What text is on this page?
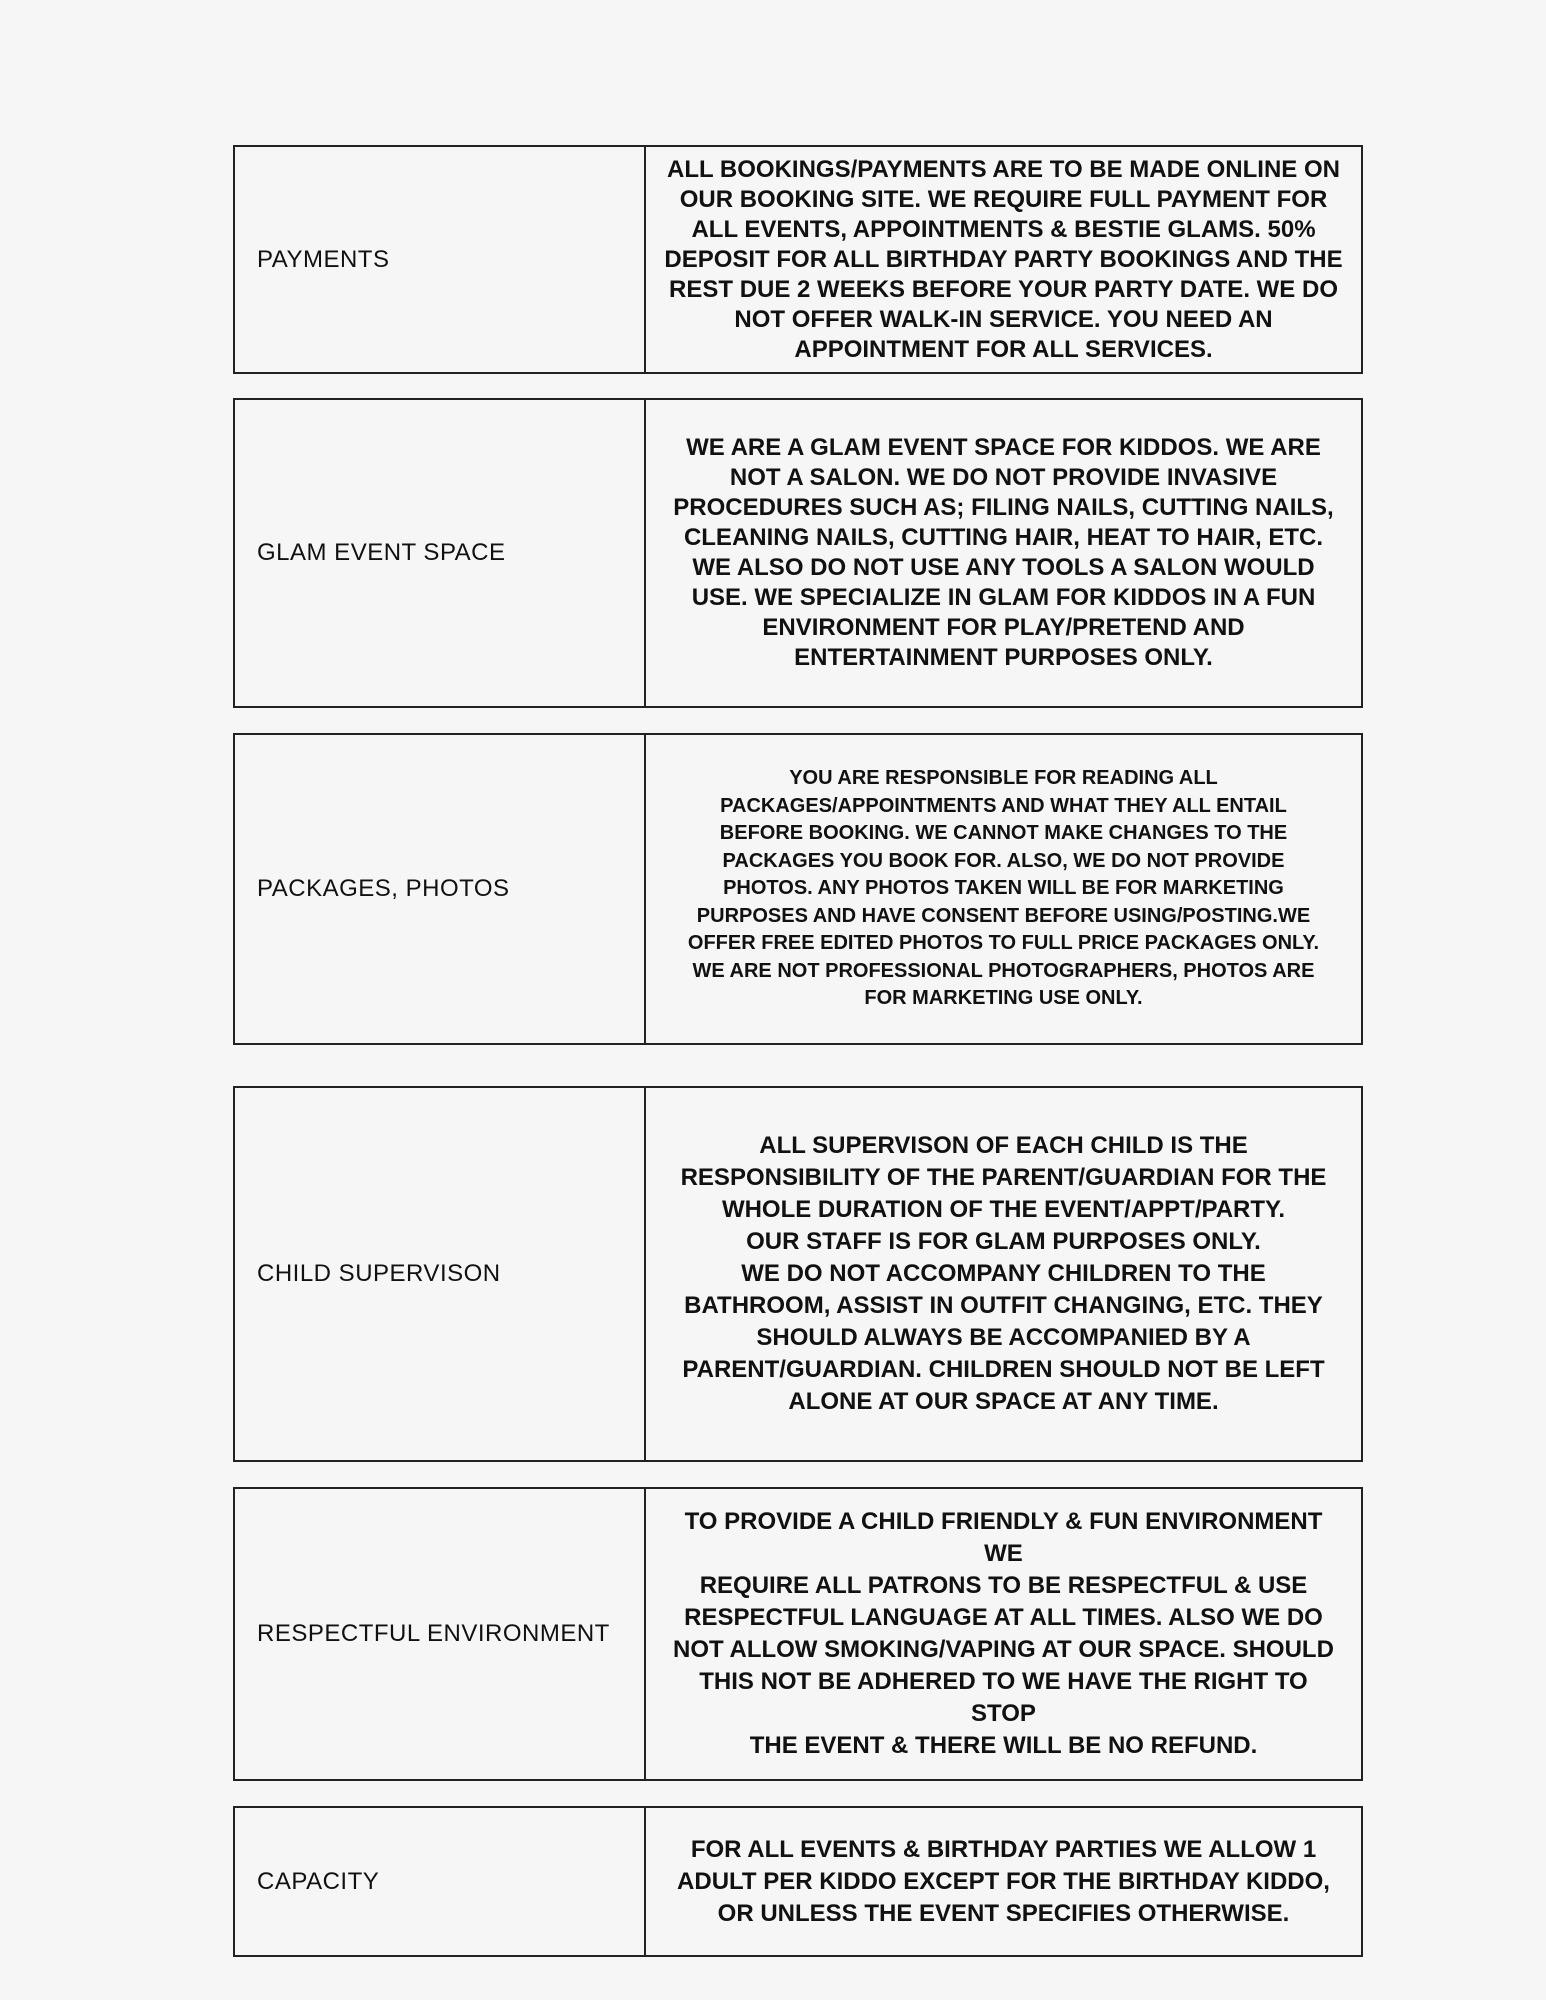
PAYMENTS
ALL BOOKINGS/PAYMENTS ARE TO BE MADE ONLINE ON
OUR BOOKING SITE. WE REQUIRE FULL PAYMENT FOR
ALL EVENTS, APPOINTMENTS & BESTIE GLAMS. 50%
DEPOSIT FOR ALL BIRTHDAY PARTY BOOKINGS AND THE
REST DUE 2 WEEKS BEFORE YOUR PARTY DATE. WE DO
NOT OFFER WALK-IN SERVICE. YOU NEED AN
APPOINTMENT FOR ALL SERVICES.
GLAM EVENT SPACE
WE ARE A GLAM EVENT SPACE FOR KIDDOS. WE ARE
NOT A SALON. WE DO NOT PROVIDE INVASIVE
PROCEDURES SUCH AS; FILING NAILS, CUTTING NAILS,
CLEANING NAILS, CUTTING HAIR, HEAT TO HAIR, ETC.
WE ALSO DO NOT USE ANY TOOLS A SALON WOULD
USE. WE SPECIALIZE IN GLAM FOR KIDDOS IN A FUN
ENVIRONMENT FOR PLAY/PRETEND AND
ENTERTAINMENT PURPOSES ONLY.
PACKAGES, PHOTOS
YOU ARE RESPONSIBLE FOR READING ALL
PACKAGES/APPOINTMENTS AND WHAT THEY ALL ENTAIL
BEFORE BOOKING. WE CANNOT MAKE CHANGES TO THE
PACKAGES YOU BOOK FOR. ALSO, WE DO NOT PROVIDE
PHOTOS. ANY PHOTOS TAKEN WILL BE FOR MARKETING
PURPOSES AND HAVE CONSENT BEFORE USING/POSTING.WE
OFFER FREE EDITED PHOTOS TO FULL PRICE PACKAGES ONLY.
WE ARE NOT PROFESSIONAL PHOTOGRAPHERS, PHOTOS ARE
FOR MARKETING USE ONLY.
CHILD SUPERVISON
ALL SUPERVISON OF EACH CHILD IS THE
RESPONSIBILITY OF THE PARENT/GUARDIAN FOR THE
WHOLE DURATION OF THE EVENT/APPT/PARTY.
OUR STAFF IS FOR GLAM PURPOSES ONLY.
WE DO NOT ACCOMPANY CHILDREN TO THE
BATHROOM, ASSIST IN OUTFIT CHANGING, ETC. THEY
SHOULD ALWAYS BE ACCOMPANIED BY A
PARENT/GUARDIAN. CHILDREN SHOULD NOT BE LEFT
ALONE AT OUR SPACE AT ANY TIME.
RESPECTFUL ENVIRONMENT
TO PROVIDE A CHILD FRIENDLY & FUN ENVIRONMENT WE
REQUIRE ALL PATRONS TO BE RESPECTFUL & USE
RESPECTFUL LANGUAGE AT ALL TIMES. ALSO WE DO
NOT ALLOW SMOKING/VAPING AT OUR SPACE. SHOULD
THIS NOT BE ADHERED TO WE HAVE THE RIGHT TO STOP
THE EVENT & THERE WILL BE NO REFUND.
CAPACITY
FOR ALL EVENTS & BIRTHDAY PARTIES WE ALLOW 1
ADULT PER KIDDO EXCEPT FOR THE BIRTHDAY KIDDO,
OR UNLESS THE EVENT SPECIFIES OTHERWISE.
